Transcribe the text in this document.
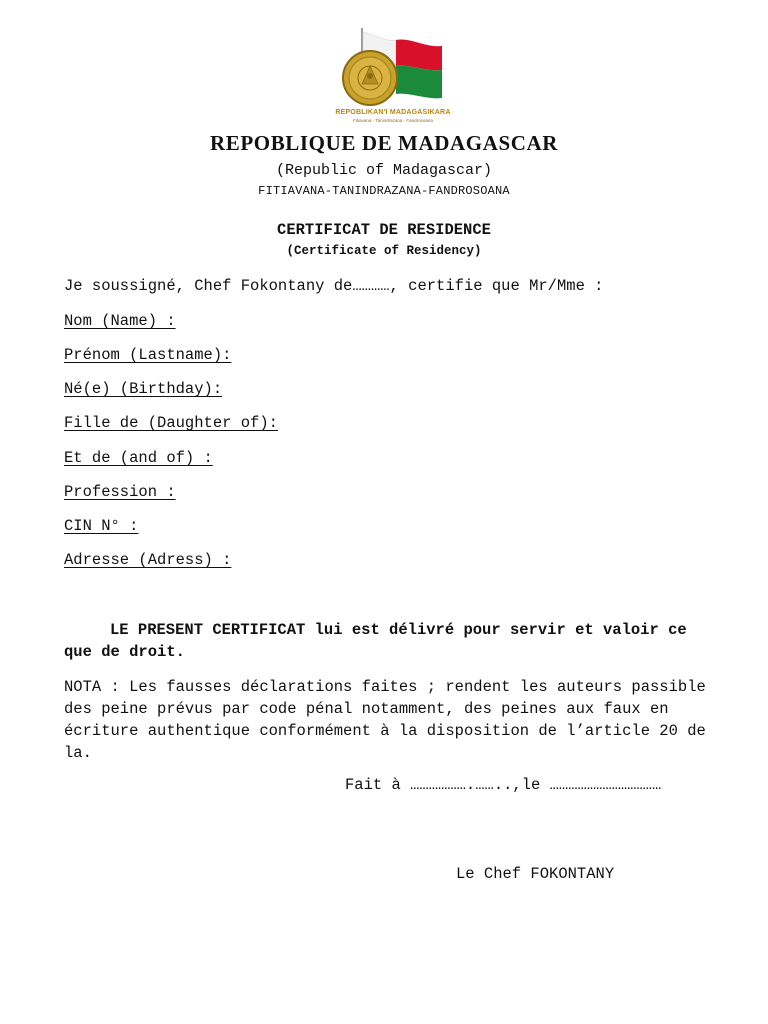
REPOBLIKAN'I MADAGASIKARA
Fitiavana - Tanindrazana - Fandrosoana
REPOBLIQUE DE MADAGASCAR
(Republic of Madagascar)
FITIAVANA-TANINDRAZANA-FANDROSOANA
CERTIFICAT DE RESIDENCE
(Certificate of Residency)
Je soussigné, Chef Fokontany de…………, certifie que Mr/Mme :
Nom (Name) :
Prénom (Lastname):
Né(e) (Birthday):
Fille de (Daughter of):
Et de (and of) :
Profession :
CIN N° :
Adresse (Adress) :
LE PRESENT CERTIFICAT lui est délivré pour servir et valoir ce que de droit.
NOTA : Les fausses déclarations faites ; rendent les auteurs passible des peine prévus par code pénal notamment, des peines aux faux en écriture authentique conformément à la disposition de l’article 20 de la.
Fait à ……………….……..,le ………………………………
Le Chef FOKONTANY
